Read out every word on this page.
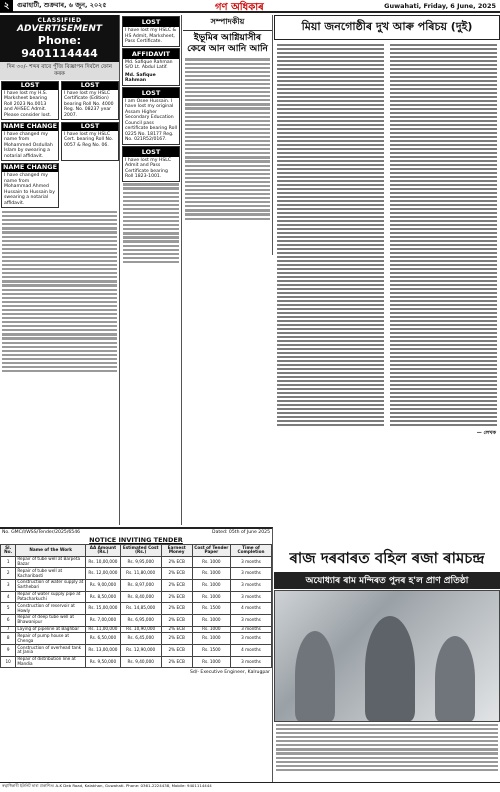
২	গুৱাহাটী, শুক্ৰবাৰ, ৬ জুন, ২০২৫	গণ অধিকাৰ	Guwahati, Friday, 6 June, 2025
CLASSIFIED
ADVERTISEMENT
Phone: 9401114444
দিন ৩০/- শব্দৰ বাবে পুঁজি বিজ্ঞাপন দিবলৈ ফোন কৰক
LOST
I have lost my H.S. Marksheet bearing Roll 2023 No.0013 and AHSEC Admit. Please consider lost.
LOST
I have lost my HSLC Certificate (Edition) bearing Roll No. 4000 Reg. No. 08237 year 2007.
NAME CHANGE
I have changed my name from Mohammed Osdullah Islam by swearing a notarial affidavit.
LOST
I have lost my HSLC Cert. bearing Roll No. 0057 & Reg No. 06.
NAME CHANGE
I have changed my name from Mohammad Ahmed Hussain to Hussain by swearing a notarial affidavit.
LOST
I have lost my HSLC & HS Admit, Marksheet, Pass Certificate.
AFFIDAVIT
Md. Safique Rahman S/O Lt. Abdul Latif.
Md. Safique Rahman
LOST
I am Osee Hussain. I have lost my original Assam Higher Secondary Education Council pass certificate bearing Roll 0225 No. 18177 Reg. No. 021R52/0167.
LOST
I have lost my HSLC Admit and Pass Certificate bearing Roll 1823-1001.
সম্পাদকীয়
ইভূমিৰ আগ্নিয়াসীৰ কেৰে আন আনি আনি
মিয়া জনগোষ্ঠীৰ দুখ আৰু পৰিচয় (দুই)
— লেখক
No. GMC/I/WSS/Tender/2025/6546	Dated: 05th of June 2025
NOTICE INVITING TENDER
Sl. No.	Name of the Work	AA Amount (Rs.)	Estimated Cost (Rs.)	Earnest Money	Cost of Tender Paper	Time of Completion
1	Repair of tube well at Barpeta Bazar	Rs. 10,00,000	Rs. 9,95,000	2% ECB	Rs. 1000	3 months
2	Repair of tube well at Kacharibasti	Rs. 12,00,000	Rs. 11,80,000	2% ECB	Rs. 1000	3 months
3	Construction of water supply at Sarthebari	Rs. 9,00,000	Rs. 8,97,000	2% ECB	Rs. 1000	3 months
4	Repair of water supply pipe at Patacharkuchi	Rs. 8,50,000	Rs. 8,40,000	2% ECB	Rs. 1000	3 months
5	Construction of reservoir at Howly	Rs. 15,00,000	Rs. 14,85,000	2% ECB	Rs. 1500	4 months
6	Repair of deep tube well at Bhawanipur	Rs. 7,00,000	Rs. 6,95,000	2% ECB	Rs. 1000	3 months
7	Laying of pipeline at Baghbar	Rs. 11,00,000	Rs. 10,90,000	2% ECB	Rs. 1000	3 months
8	Repair of pump house at Chenga	Rs. 6,50,000	Rs. 6,45,000	2% ECB	Rs. 1000	3 months
9	Construction of overhead tank at Jania	Rs. 13,00,000	Rs. 12,90,000	2% ECB	Rs. 1500	4 months
10	Repair of distribution line at Mandia	Rs. 9,50,000	Rs. 9,40,000	2% ECB	Rs. 1000	3 months
Sd/- Executive Engineer, Kalrugpar
ৰাজ দৰবাৰত বহিল ৰজা ৰামচন্দ্ৰ
অযোধ্যাৰ ৰাম মন্দিৰত পুনৰ হ'ল প্ৰাণ প্ৰতিষ্ঠা
স্বত্বাধিকাৰী ইউনিট দ্বাৰা প্ৰকাশিত। A-K Deb Road, Kalakhan, Guwahati. Phone: 0361-2224438, Mobile: 9401114444
